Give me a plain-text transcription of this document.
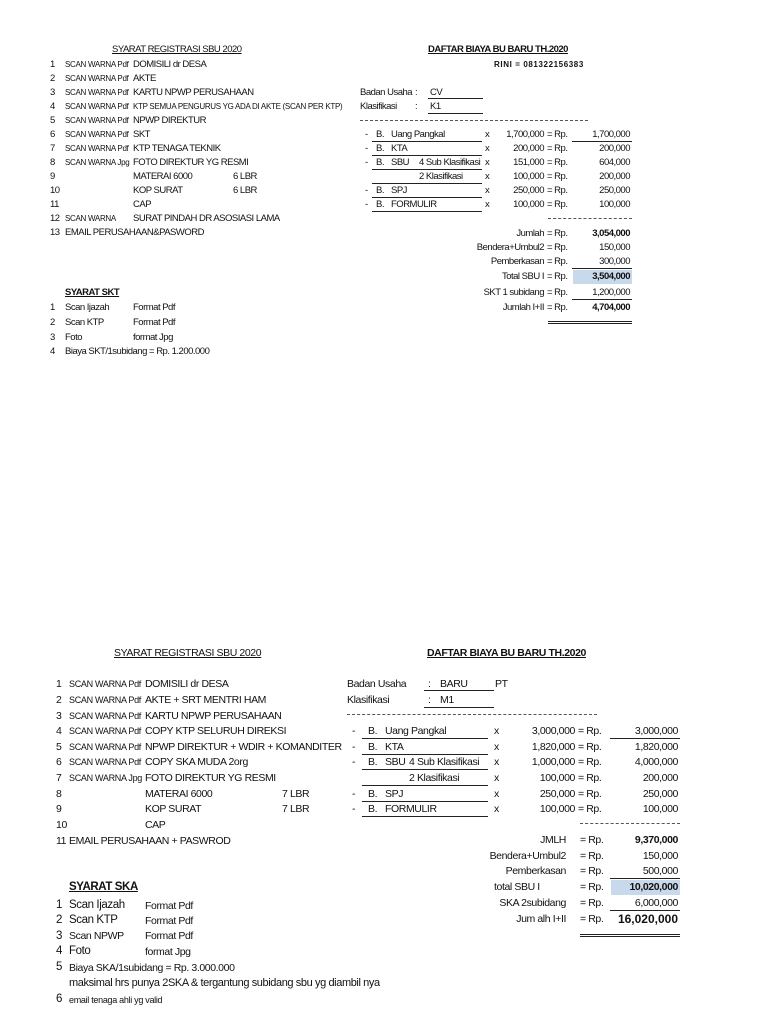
SYARAT REGISTRASI SBU 2020
1 SCAN WARNA Pdf DOMISILI dr DESA
2 SCAN WARNA Pdf AKTE
3 SCAN WARNA Pdf KARTU NPWP PERUSAHAAN
4 SCAN WARNA Pdf KTP SEMUA PENGURUS YG ADA DI AKTE (SCAN PER KTP)
5 SCAN WARNA Pdf NPWP DIREKTUR
6 SCAN WARNA Pdf SKT
7 SCAN WARNA Pdf KTP TENAGA TEKNIK
8 SCAN WARNA Jpg FOTO DIREKTUR YG RESMI
9	MATERAI 6000	6 LBR
10	KOP SURAT	6 LBR
11	CAP
12 SCAN WARNA SURAT PINDAH DR ASOSIASI LAMA
13 EMAIL PERUSAHAAN&PASWORD
SYARAT SKT
1 Scan Ijazah	Format Pdf
2 Scan KTP	Format Pdf
3 Foto	format Jpg
4 Biaya SKT/1subidang = Rp. 1.200.000
DAFTAR BIAYA BU BARU TH.2020
RINI = 081322156383
Badan Usaha : CV
Klasifikasi : K1
- B. Uang Pangkal	x	1,700,000 = Rp.	1,700,000
- B. KTA	x	200,000 = Rp.	200,000
- B. SBU 4 Sub Klasifikasi x	151,000 = Rp.	604,000
2 Klasifikasi x	100,000 = Rp.	200,000
- B. SPJ	x	250,000 = Rp.	250,000
- B. FORMULIR	x	100,000 = Rp.	100,000
Jumlah = Rp.	3,054,000
Bendera+Umbul2 = Rp.	150,000
Pemberkasan = Rp.	300,000
Total SBU I = Rp.	3,504,000
SKT 1 subidang = Rp.	1,200,000
Jumlah I+II = Rp.	4,704,000
SYARAT REGISTRASI SBU 2020
1 SCAN WARNA Pdf DOMISILI dr DESA
2 SCAN WARNA Pdf AKTE + SRT MENTRI HAM
3 SCAN WARNA Pdf KARTU NPWP PERUSAHAAN
4 SCAN WARNA Pdf COPY KTP SELURUH DIREKSI
5 SCAN WARNA Pdf NPWP DIREKTUR + WDIR + KOMANDITER
6 SCAN WARNA Pdf COPY SKA MUDA 2org
7 SCAN WARNA Jpg FOTO DIREKTUR YG RESMI
8	MATERAI 6000	7 LBR
9	KOP SURAT	7 LBR
10	CAP
11 EMAIL PERUSAHAAN + PASWROD
SYARAT SKA
1 Scan Ijazah Format Pdf
2 Scan KTP	Format Pdf
3 Scan NPWP Format Pdf
4 Foto	format Jpg
5 Biaya SKA/1subidang = Rp. 3.000.000
maksimal hrs punya 2SKA & tergantung subidang sbu yg diambil nya
6 email tenaga ahli yg valid
DAFTAR BIAYA BU BARU TH.2020
Badan Usaha : BARU	PT
Klasifikasi	: M1
- B. Uang Pangkal	x	3,000,000 = Rp.	3,000,000
- B. KTA	x	1,820,000 = Rp.	1,820,000
- B. SBU 4 Sub Klasifikasi x	1,000,000 = Rp.	4,000,000
2 Klasifikasi	x	100,000 = Rp.	200,000
- B. SPJ	x	250,000 = Rp.	250,000
- B. FORMULIR	x	100,000 = Rp.	100,000
JMLH = Rp.	9,370,000
Bendera+Umbul2 = Rp.	150,000
Pemberkasan = Rp.	500,000
total SBU I	= Rp.	10,020,000
SKA 2subidang = Rp.	6,000,000
Jum alh I+II = Rp.	16,020,000
